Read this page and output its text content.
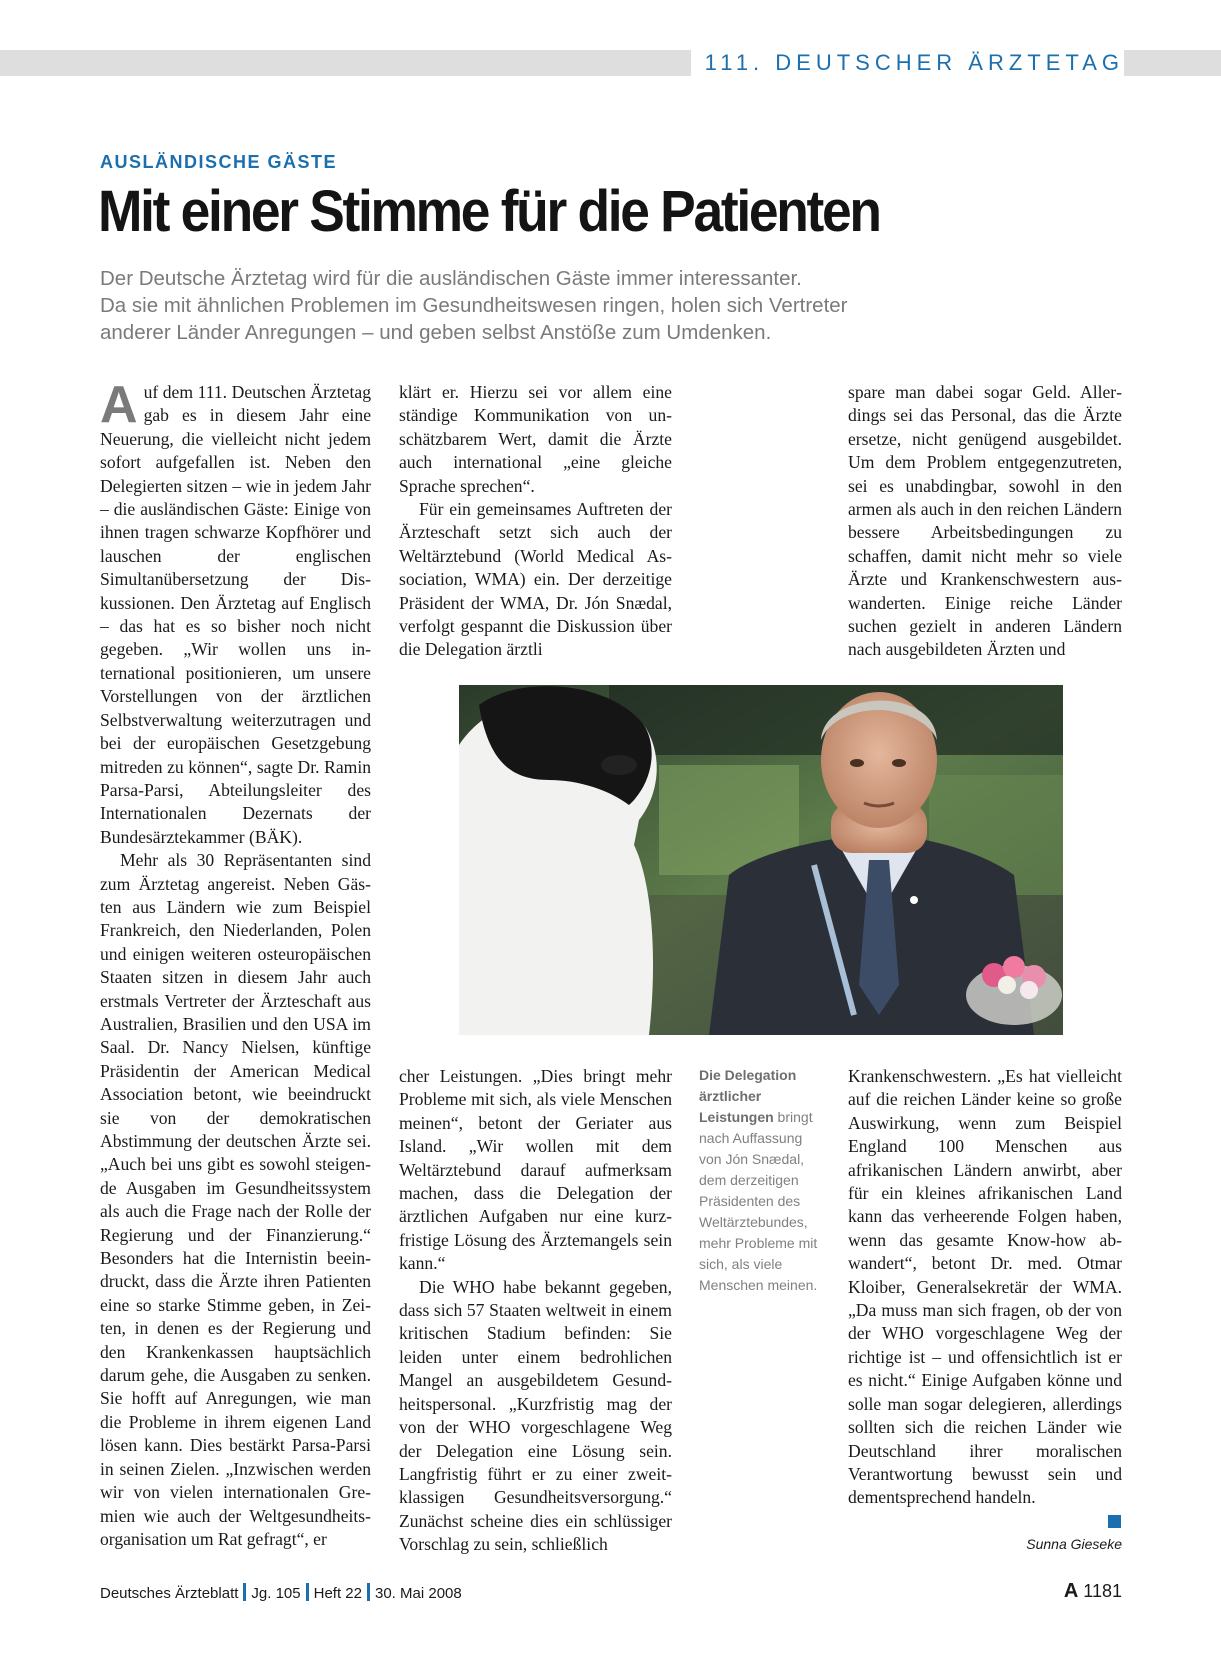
111. DEUTSCHER ÄRZTETAG
AUSLÄNDISCHE GÄSTE
Mit einer Stimme für die Patienten

Der Deutsche Ärztetag wird für die ausländischen Gäste immer interessanter.

Da sie mit ähnlichen Problemen im Gesundheitswesen ringen, holen sich Vertreter

anderer Länder Anregungen – und geben selbst Anstöße zum Umdenken.

A uf dem 111. Deutschen Ärztetag gab es in diesem Jahr eine Neuerung, die vielleicht nicht jedem sofort aufgefallen ist. Neben den Delegierten sitzen – wie in jedem Jahr – die ausländischen Gäste: Einige von ihnen tragen schwarze Kopfhörer und lauschen der englischen Simultanübersetzung der Diskussionen. Den Ärztetag auf Englisch – das hat es so bisher noch nicht gegeben. „Wir wollen uns international positionieren, um unsere Vorstellungen von der ärztlichen Selbstverwaltung weiterzutragen und bei der europäischen Gesetzgebung mitreden zu können“, sagte Dr. Ramin Parsa-Parsi, Abteilungsleiter des Internationalen Dezernats der Bundesärztekammer (BÄK).

Mehr als 30 Repräsentanten sind zum Ärztetag angereist. Neben Gästen aus Ländern wie zum Beispiel Frankreich, den Niederlanden, Polen und einigen weiteren osteuropäischen Staaten sitzen in diesem Jahr auch erstmals Vertreter der Ärzteschaft aus Australien, Brasilien und den USA im Saal. Dr. Nancy Nielsen, künftige Präsidentin der American Medical Association betont, wie beeindruckt sie von der demokratischen Abstimmung der deutschen Ärzte sei. „Auch bei uns gibt es sowohl steigende Ausgaben im Gesundheitssystem als auch die Frage nach der Rolle der Regierung und der Finanzierung.“ Besonders hat die Internistin beeindruckt, dass die Ärzte ihren Patienten eine so starke Stimme geben, in Zeiten, in denen es der Regierung und den Krankenkassen hauptsächlich darum gehe, die Ausgaben zu senken. Sie hofft auf Anregungen, wie man die Probleme in ihrem eigenen Land lösen kann. Dies bestärkt Parsa-Parsi in seinen Zielen. „Inzwischen werden wir von vielen internationalen Gremien wie auch der Weltgesundheitsorganisation um Rat gefragt“, er

klärt er. Hierzu sei vor allem eine ständige Kommunikation von unschätzbarem Wert, damit die Ärzte auch international „eine gleiche Sprache sprechen“.

Für ein gemeinsames Auftreten der Ärzteschaft setzt sich auch der Weltärztebund (World Medical Association, WMA) ein. Der derzeitige Präsident der WMA, Dr. Jón Snædal, verfolgt gespannt die Diskussion über die Delegation ärztli

spare man dabei sogar Geld. Allerdings sei das Personal, das die Ärzte ersetze, nicht genügend ausgebildet. Um dem Problem entgegenzutreten, sei es unabdingbar, sowohl in den armen als auch in den reichen Ländern bessere Arbeitsbedingungen zu schaffen, damit nicht mehr so viele Ärzte und Krankenschwestern auswanderten. Einige reiche Länder suchen gezielt in anderen Ländern nach ausgebildeten Ärzten und

cher Leistungen. „Dies bringt mehr Probleme mit sich, als viele Menschen meinen“, betont der Geriater aus Island. „Wir wollen mit dem Weltärztebund darauf aufmerksam machen, dass die Delegation der ärztlichen Aufgaben nur eine kurzfristige Lösung des Ärztemangels sein kann.“

Die WHO habe bekannt gegeben, dass sich 57 Staaten weltweit in einem kritischen Stadium befinden: Sie leiden unter einem bedrohlichen Mangel an ausgebildetem Gesundheitspersonal. „Kurzfristig mag der von der WHO vorgeschlagene Weg der Delegation eine Lösung sein. Langfristig führt er zu einer zweitklassigen Gesundheitsversorgung.“ Zunächst scheine dies ein schlüssiger Vorschlag zu sein, schließlich

Die Delegation ärztlicher Leistungen bringt nach Auffassung von Jón Snædal, dem derzeitigen Präsidenten des Weltärztebundes, mehr Probleme mit sich, als viele Menschen meinen.

Krankenschwestern. „Es hat vielleicht auf die reichen Länder keine so große Auswirkung, wenn zum Beispiel England 100 Menschen aus afrikanischen Ländern anwirbt, aber für ein kleines afrikanischen Land kann das verheerende Folgen haben, wenn das gesamte Know-how abwandert“, betont Dr. med. Otmar Kloiber, Generalsekretär der WMA. „Da muss man sich fragen, ob der von der WHO vorgeschlagene Weg der richtige ist – und offensichtlich ist er es nicht.“ Einige Aufgaben könne und solle man sogar delegieren, allerdings sollten sich die reichen Länder wie Deutschland ihrer moralischen Verantwortung bewusst sein und dementsprechend handeln.

Sunna Gieseke
Deutsches Ärzteblatt Jg. 105 Heft 22 30. Mai 2008	A 1181
